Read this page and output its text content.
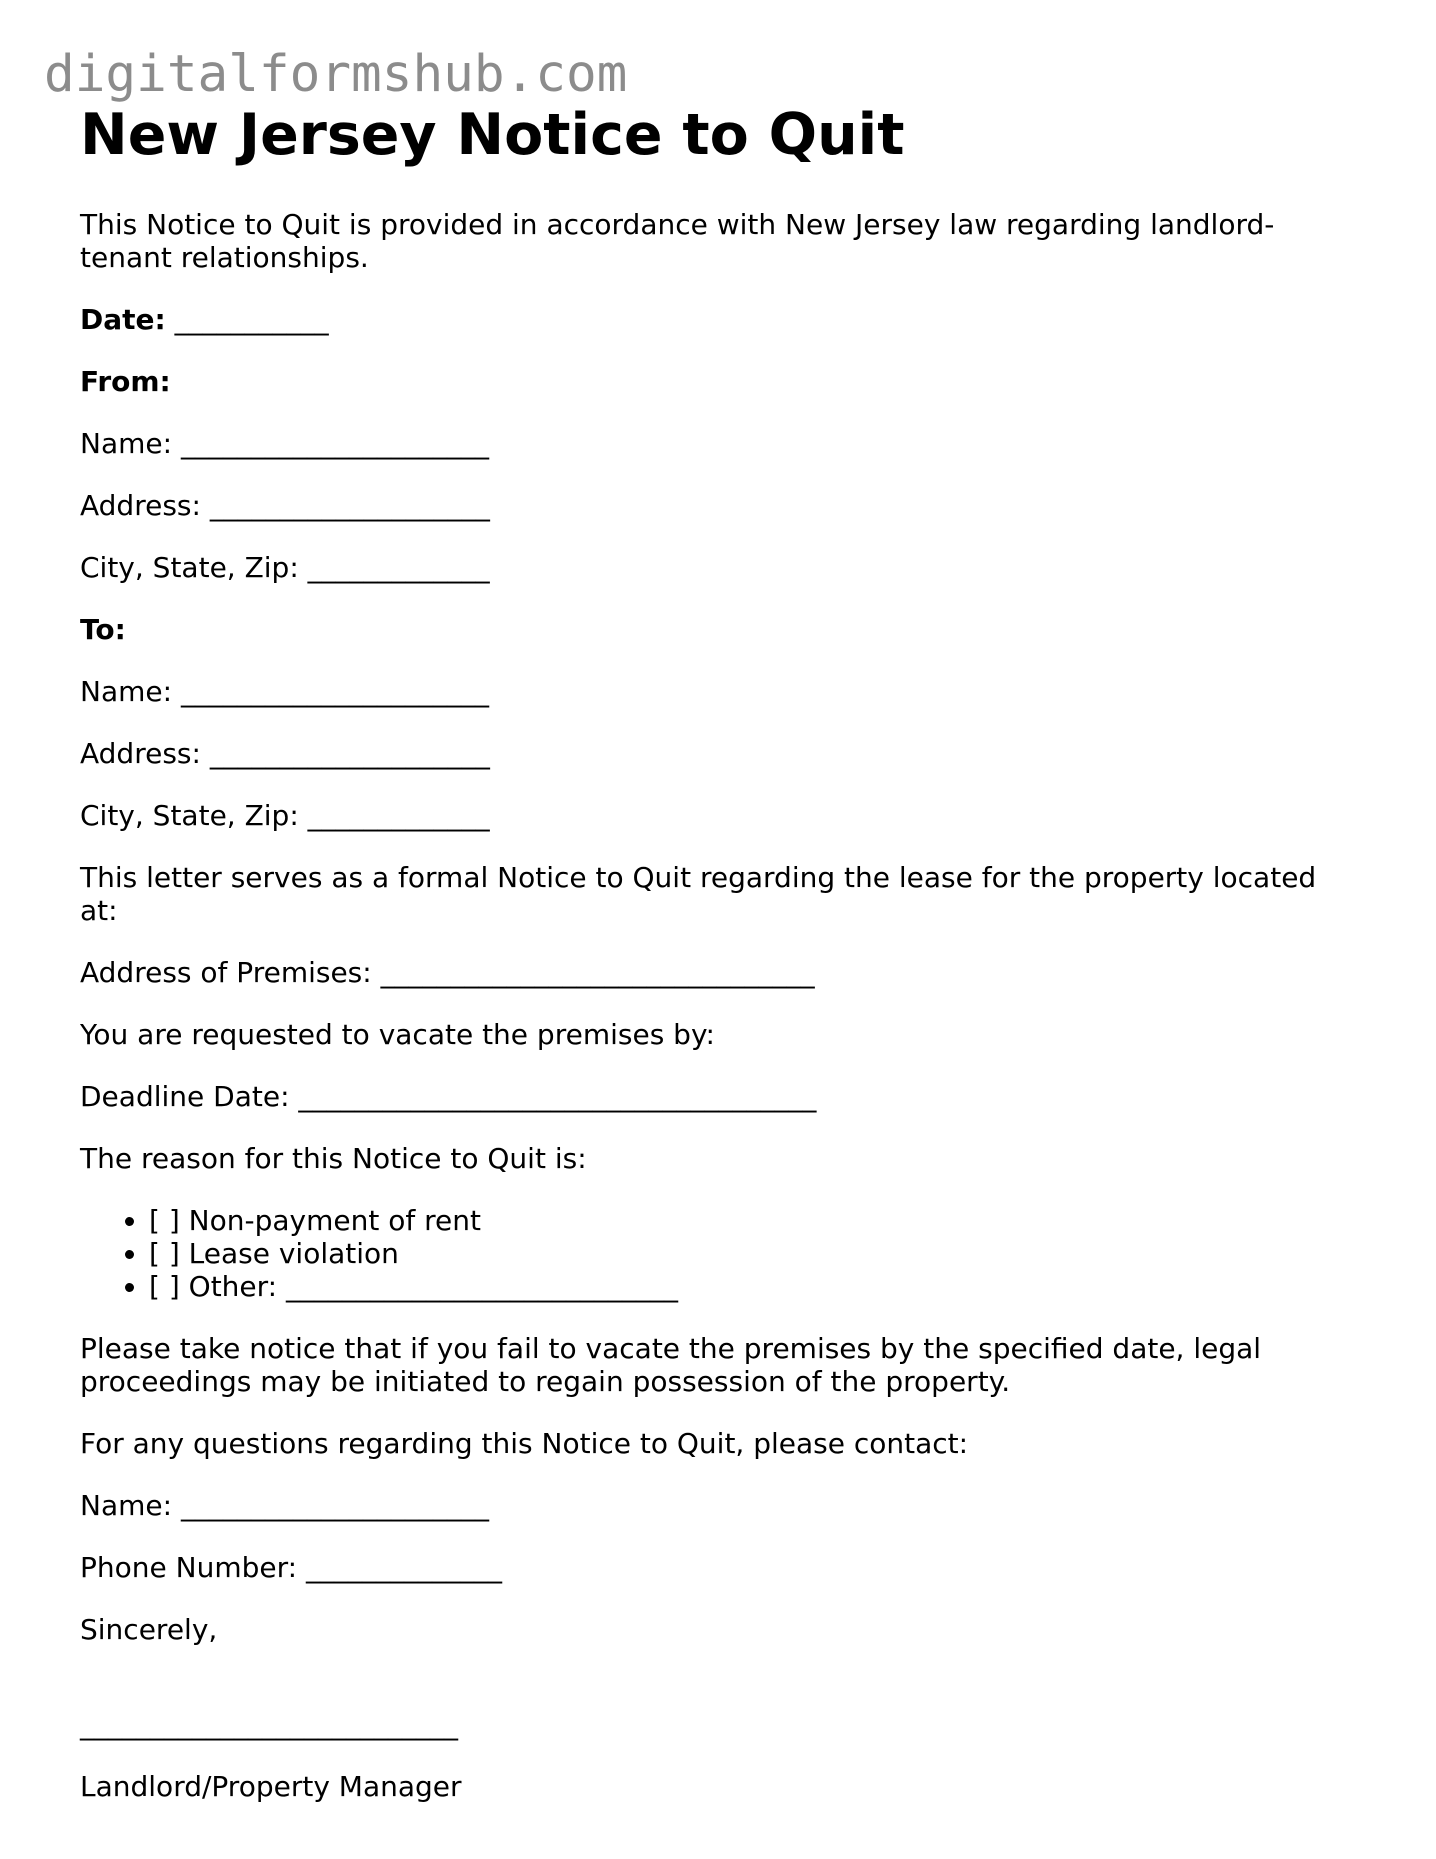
digitalformshub.com
New Jersey Notice to Quit

This Notice to Quit is provided in accordance with New Jersey law regarding landlord-tenant relationships.

Date: ___________

From:

Name: ______________________

Address: ____________________

City, State, Zip: _____________

To:

Name: ______________________

Address: ____________________

City, State, Zip: _____________

This letter serves as a formal Notice to Quit regarding the lease for the property located at:

Address of Premises: _______________________________

You are requested to vacate the premises by:

Deadline Date: _____________________________________

The reason for this Notice to Quit is:

• [ ] Non-payment of rent
• [ ] Lease violation
• [ ] Other: ____________________________

Please take notice that if you fail to vacate the premises by the specified date, legal proceedings may be initiated to regain possession of the property.

For any questions regarding this Notice to Quit, please contact:

Name: ______________________

Phone Number: ______________

Sincerely,

___________________________

Landlord/Property Manager
